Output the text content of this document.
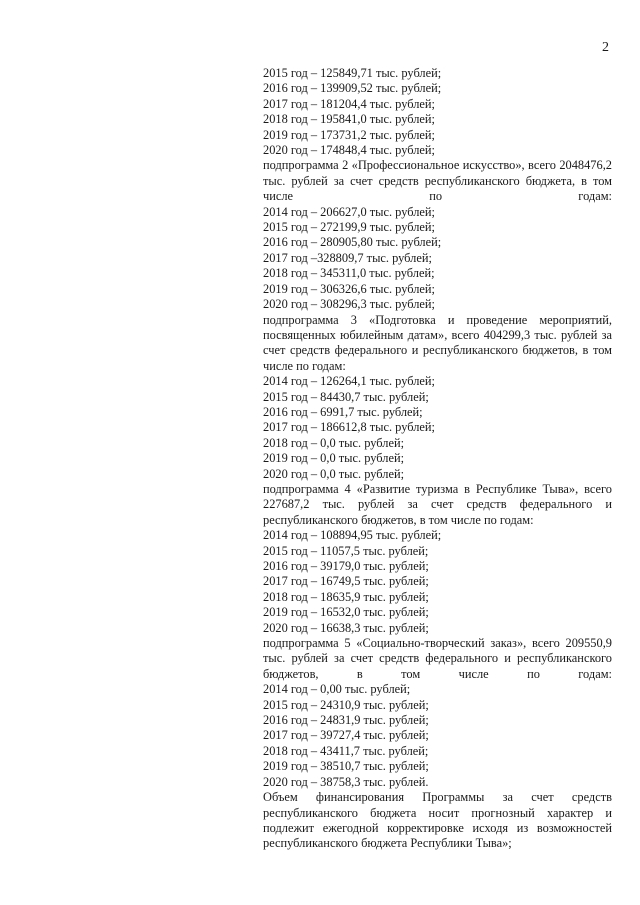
2
2015 год – 125849,71 тыс. рублей;
2016 год – 139909,52 тыс. рублей;
2017 год – 181204,4 тыс. рублей;
2018 год – 195841,0 тыс. рублей;
2019 год – 173731,2 тыс. рублей;
2020 год – 174848,4 тыс. рублей;
подпрограмма 2 «Профессиональное искусство», всего 2048476,2 тыс. рублей за счет средств республиканского бюджета, в том числе по годам:
2014 год – 206627,0 тыс. рублей;
2015 год – 272199,9 тыс. рублей;
2016 год – 280905,80 тыс. рублей;
2017 год –328809,7 тыс. рублей;
2018 год – 345311,0 тыс. рублей;
2019 год – 306326,6 тыс. рублей;
2020 год – 308296,3 тыс. рублей;
подпрограмма 3 «Подготовка и проведение мероприятий, посвященных юбилейным датам», всего 404299,3 тыс. рублей за счет средств федерального и республиканского бюджетов, в том числе по годам:
2014 год – 126264,1 тыс. рублей;
2015 год – 84430,7 тыс. рублей;
2016 год – 6991,7 тыс. рублей;
2017 год – 186612,8 тыс. рублей;
2018 год – 0,0 тыс. рублей;
2019 год – 0,0 тыс. рублей;
2020 год – 0,0 тыс. рублей;
подпрограмма 4 «Развитие туризма в Республике Тыва», всего 227687,2 тыс. рублей за счет средств федерального и республиканского бюджетов, в том числе по годам:
2014 год – 108894,95 тыс. рублей;
2015 год – 11057,5 тыс. рублей;
2016 год – 39179,0 тыс. рублей;
2017 год – 16749,5 тыс. рублей;
2018 год – 18635,9 тыс. рублей;
2019 год – 16532,0 тыс. рублей;
2020 год – 16638,3 тыс. рублей;
подпрограмма 5 «Социально-творческий заказ», всего 209550,9 тыс. рублей за счет средств федерального и республиканского бюджетов, в том числе по годам:
2014 год – 0,00 тыс. рублей;
2015 год – 24310,9 тыс. рублей;
2016 год – 24831,9 тыс. рублей;
2017 год – 39727,4 тыс. рублей;
2018 год – 43411,7 тыс. рублей;
2019 год – 38510,7 тыс. рублей;
2020 год – 38758,3 тыс. рублей.
Объем финансирования Программы за счет средств республиканского бюджета носит прогнозный характер и подлежит ежегодной корректировке исходя из возможностей республиканского бюджета Республики Тыва»;
